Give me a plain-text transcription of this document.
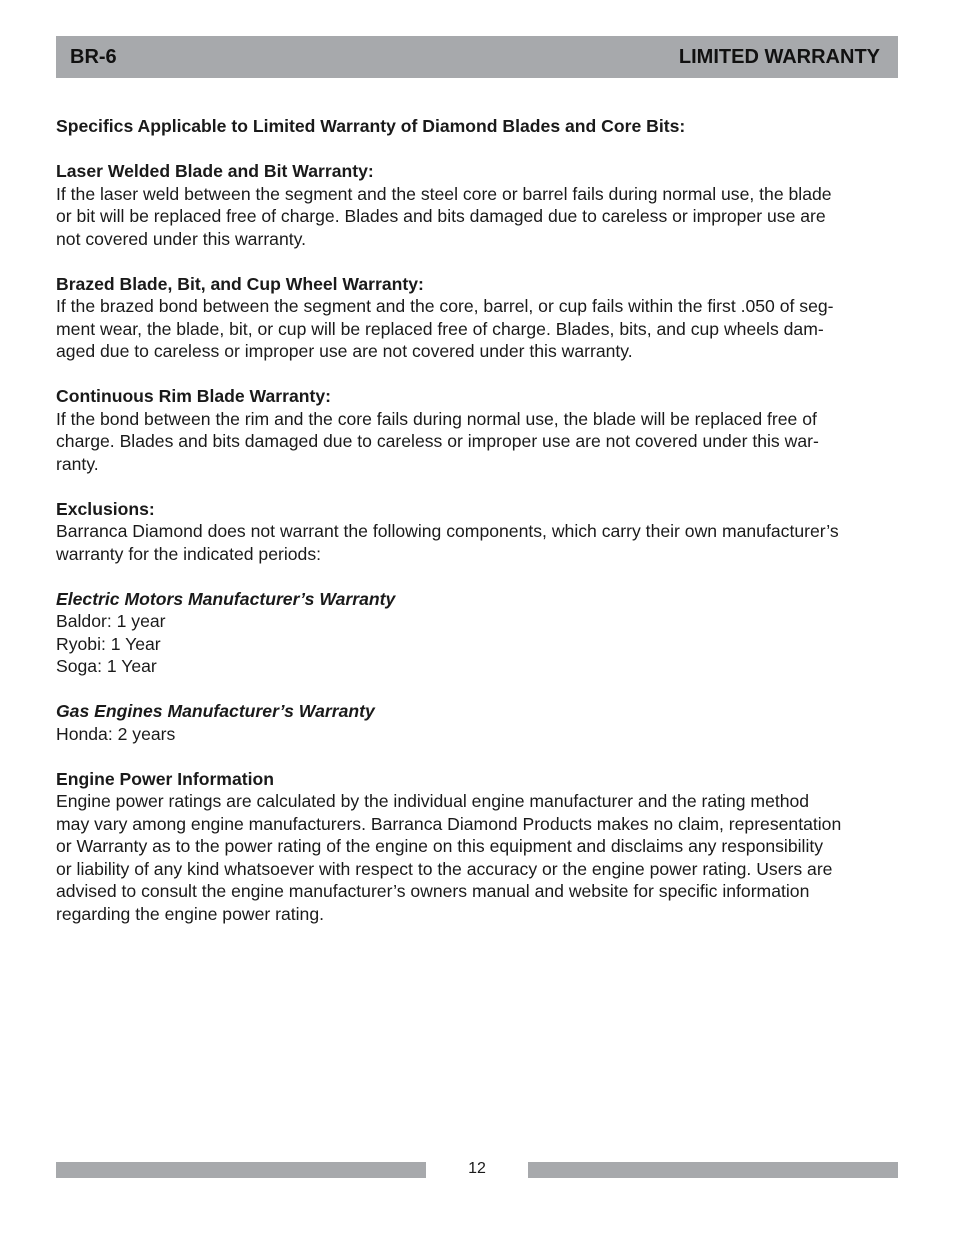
BR-6	LIMITED WARRANTY

Specifics Applicable to Limited Warranty of Diamond Blades and Core Bits:

Laser Welded Blade and Bit Warranty:

If the laser weld between the segment and the steel core or barrel fails during normal use, the blade
or bit will be replaced free of charge. Blades and bits damaged due to careless or improper use are
not covered under this warranty.

Brazed Blade, Bit, and Cup Wheel Warranty:

If the brazed bond between the segment and the core, barrel, or cup fails within the first .050 of seg-
ment wear, the blade, bit, or cup will be replaced free of charge. Blades, bits, and cup wheels dam-
aged due to careless or improper use are not covered under this warranty.

Continuous Rim Blade Warranty:

If the bond between the rim and the core fails during normal use, the blade will be replaced free of
charge. Blades and bits damaged due to careless or improper use are not covered under this war-
ranty.

Exclusions:

Barranca Diamond does not warrant the following components, which carry their own manufacturer’s
warranty for the indicated periods:

Electric Motors Manufacturer’s Warranty

Baldor: 1 year
Ryobi: 1 Year
Soga: 1 Year

Gas Engines Manufacturer’s Warranty

Honda: 2 years

Engine Power Information

Engine power ratings are calculated by the individual engine manufacturer and the rating method
may vary among engine manufacturers. Barranca Diamond Products makes no claim, representation
or Warranty as to the power rating of the engine on this equipment and disclaims any responsibility
or liability of any kind whatsoever with respect to the accuracy or the engine power rating. Users are
advised to consult the engine manufacturer’s owners manual and website for specific information
regarding the engine power rating.

12
